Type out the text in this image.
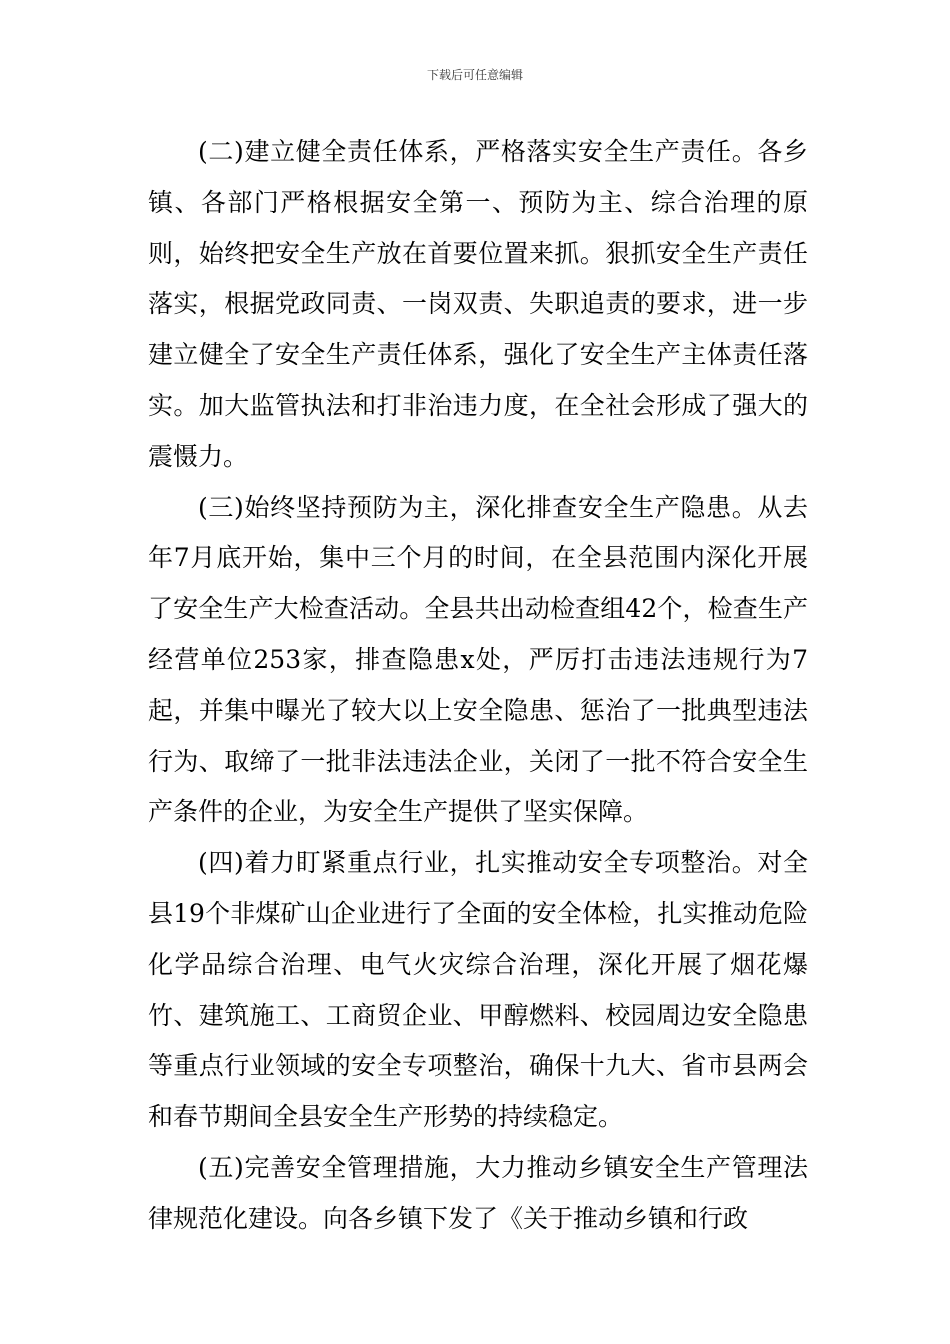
下载后可任意编辑

(二)建立健全责任体系，严格落实安全生产责任。各乡镇、各部门严格根据安全第一、预防为主、综合治理的原则，始终把安全生产放在首要位置来抓。狠抓安全生产责任落实，根据党政同责、一岗双责、失职追责的要求，进一步建立健全了安全生产责任体系，强化了安全生产主体责任落实。加大监管执法和打非治违力度，在全社会形成了强大的震慑力。

(三)始终坚持预防为主，深化排查安全生产隐患。从去年7月底开始，集中三个月的时间，在全县范围内深化开展了安全生产大检查活动。全县共出动检查组42个，检查生产经营单位253家，排查隐患x处，严厉打击违法违规行为7起，并集中曝光了较大以上安全隐患、惩治了一批典型违法行为、取缔了一批非法违法企业，关闭了一批不符合安全生产条件的企业，为安全生产提供了坚实保障。

(四)着力盯紧重点行业，扎实推动安全专项整治。对全县19个非煤矿山企业进行了全面的安全体检，扎实推动危险化学品综合治理、电气火灾综合治理，深化开展了烟花爆竹、建筑施工、工商贸企业、甲醇燃料、校园周边安全隐患等重点行业领域的安全专项整治，确保十九大、省市县两会和春节期间全县安全生产形势的持续稳定。

(五)完善安全管理措施，大力推动乡镇安全生产管理法律规范化建设。向各乡镇下发了《关于推动乡镇和行政
